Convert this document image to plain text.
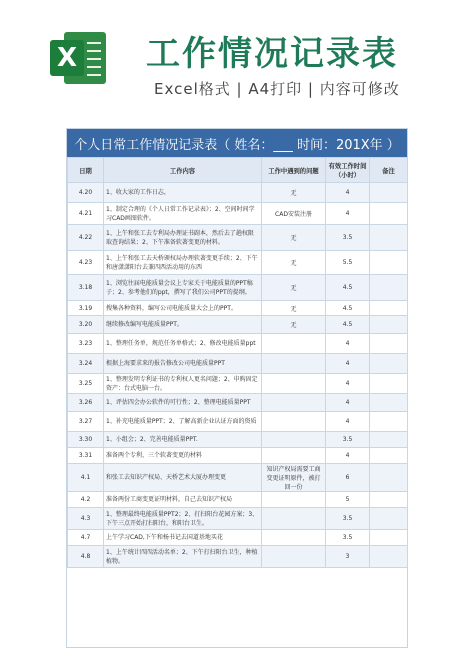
X 工作情况记录表
Excel格式 | A4打印 | 内容可修改
个人日常工作情况记录表（ 姓名：___ 时间：201X年 ）
日期	工作内容	工作中遇到的问题	有效工作时间（小时）	备注
4.20	1、收大家的工作日志，	无	4	
4.21	1、制定合理的《个人日常工作记录表》；2、空间时间学习CAD画图软件。	CAD安装注册	4	
4.22	1、上午和张工去专利局办理证书副本，然后去了趟权限取查询结果；2、下午准备软著变更的材料。	无	3.5	
4.23	1、上午和张工去天桥颁权局办理软著变更手续；2、下午和唐潇潇阳台去兼四西活动用的东西	无	5.5	
3.18	1、浏览往届电能质量会议上专家关于电能质量的PPT稿子；2、参考他们的ppt，撰写了我们公司PPT的提纲。	无	4.5	
3.19	搜集各种资料，编写公司电能质量大会上的PPT。	无	4.5	
3.20	继续修改编写电能质量PPT。	无	4.5	
3.23	1、整理任务单，规范任务单格式；2、修改电能质量ppt		4	
3.24	根据上海要求来的报告修改公司电能质量PPT		4	
3.25	1、整理发明专利证书的专利权人更名问题；2、申购固定资产：台式电脑一台。		4	
3.26	1、评估四会办公软件的可行性；2、整理电能质量PPT		4	
3.27	1、补充电能质量PPT；2、了解高新企业认证方面的资质		4	
3.30	1、小组会；2、完善电能质量PPT.		3.5	
3.31	准备两个专利、三个软著变更的材料		4	
4.1	和张工去知识产权局、天桥艺术大厦办理变更	知识产权局需要工商变更证明原件，被打回一份	6	
4.2	准备两份工商变更证明材料，自己去知识产权局		5	
4.3	1、整理最终电能质量PPT2；2、打扫阳台花园方案；3、下午三点开始打扫阳台，和阳台卫生。		3.5	
4.7	上午学习CAD,下午和杨书记去国道基地买花		3.5	
4.8	1、上午统计四四活动名单；2、下午打扫阳台卫生，种植植物。		3	
